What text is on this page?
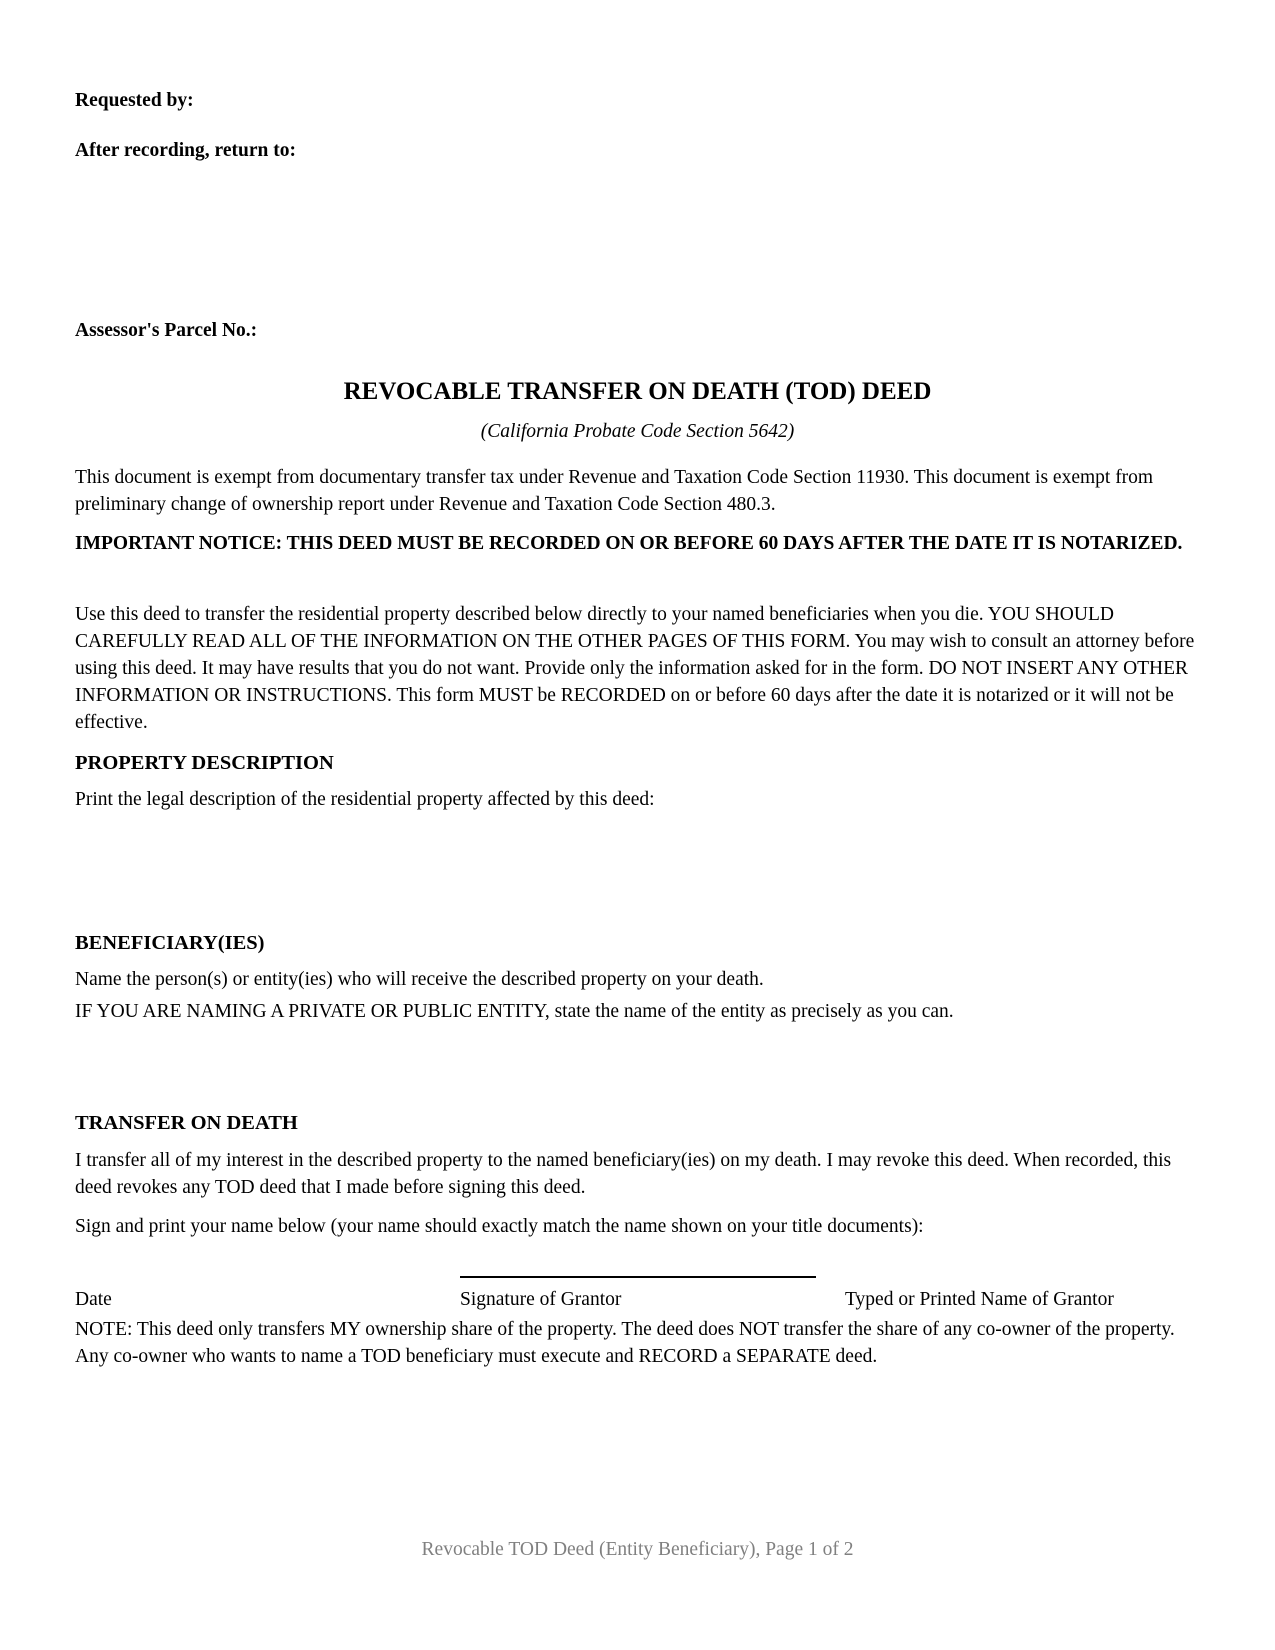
Requested by:
After recording, return to:
Assessor's Parcel No.:
REVOCABLE TRANSFER ON DEATH (TOD) DEED
(California Probate Code Section 5642)

This document is exempt from documentary transfer tax under Revenue and Taxation Code Section 11930. This document is exempt from preliminary change of ownership report under Revenue and Taxation Code Section 480.3.

IMPORTANT NOTICE: THIS DEED MUST BE RECORDED ON OR BEFORE 60 DAYS AFTER THE DATE IT IS NOTARIZED.

Use this deed to transfer the residential property described below directly to your named beneficiaries when you die. YOU SHOULD CAREFULLY READ ALL OF THE INFORMATION ON THE OTHER PAGES OF THIS FORM. You may wish to consult an attorney before using this deed. It may have results that you do not want. Provide only the information asked for in the form. DO NOT INSERT ANY OTHER INFORMATION OR INSTRUCTIONS. This form MUST be RECORDED on or before 60 days after the date it is notarized or it will not be effective.

PROPERTY DESCRIPTION
Print the legal description of the residential property affected by this deed:
BENEFICIARY(IES)
Name the person(s) or entity(ies) who will receive the described property on your death.
IF YOU ARE NAMING A PRIVATE OR PUBLIC ENTITY, state the name of the entity as precisely as you can.
TRANSFER ON DEATH

I transfer all of my interest in the described property to the named beneficiary(ies) on my death. I may revoke this deed. When recorded, this deed revokes any TOD deed that I made before signing this deed.

Sign and print your name below (your name should exactly match the name shown on your title documents):
Date	Signature of Grantor	Typed or Printed Name of Grantor

NOTE: This deed only transfers MY ownership share of the property. The deed does NOT transfer the share of any co-owner of the property. Any co-owner who wants to name a TOD beneficiary must execute and RECORD a SEPARATE deed.

Revocable TOD Deed (Entity Beneficiary), Page 1 of 2
